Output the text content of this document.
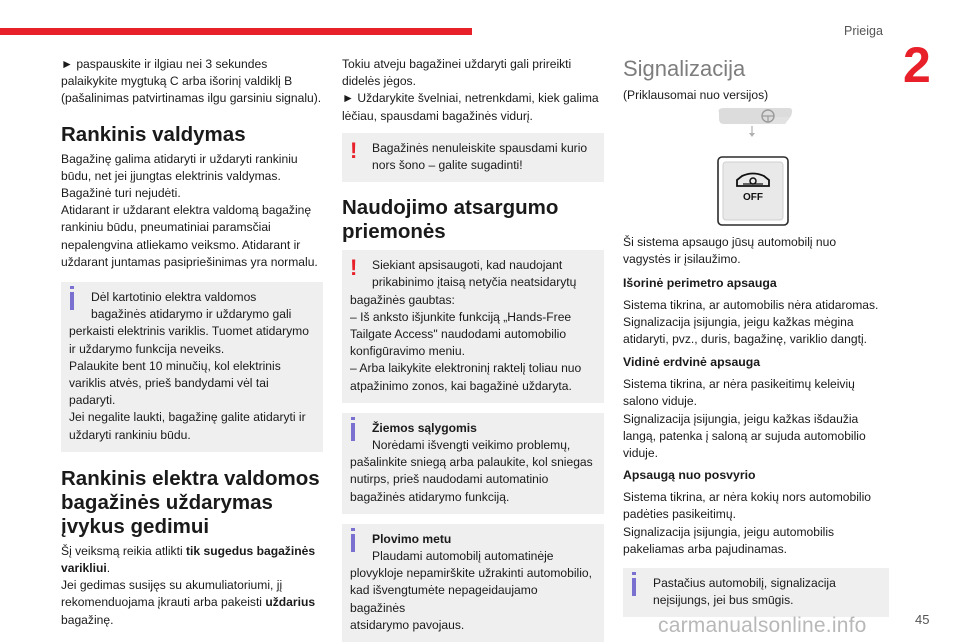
Prieiga
2

► paspauskite ir ilgiau nei 3 sekundes
palaikykite mygtuką C arba išorinį valdiklį B
(pašalinimas patvirtinamas ilgu garsiniu signalu).

Rankinis valdymas

Bagažinę galima atidaryti ir uždaryti rankiniu
būdu, net jei įjungtas elektrinis valdymas.
Bagažinė turi nejudėti.
Atidarant ir uždarant elektra valdomą bagažinę
rankiniu būdu, pneumatiniai paramsčiai
nepalengvina atliekamo veiksmo. Atidarant ir
uždarant juntamas pasipriešinimas yra normalu.

Dėl kartotinio elektra valdomos
bagažinės atidarymo ir uždarymo gali
perkaisti elektrinis variklis. Tuomet atidarymo
ir uždarymo funkcija neveiks.
Palaukite bent 10 minučių, kol elektrinis
variklis atvės, prieš bandydami vėl tai
padaryti.
Jei negalite laukti, bagažinę galite atidaryti ir
uždaryti rankiniu būdu.
Rankinis elektra valdomos
bagažinės uždarymas
įvykus gedimui

Šį veiksmą reikia atlikti tik sugedus bagažinės
varikliui.
Jei gedimas susijęs su akumuliatoriumi, jį
rekomenduojama įkrauti arba pakeisti uždarius
bagažinę.

Tokiu atveju bagažinei uždaryti gali prireikti
didelės jėgos.
► Uždarykite švelniai, netrenkdami, kiek galima
lėčiau, spausdami bagažinės vidurį.

!	Bagažinės nenuleiskite spausdami kurio
nors šono – galite sugadinti!
Naudojimo atsargumo
priemonės
!	Siekiant apsisaugoti, kad naudojant
prikabinimo įtaisą netyčia neatsidarytų
bagažinės gaubtas:
– Iš anksto išjunkite funkciją „Hands-Free
Tailgate Access" naudodami automobilio
konfigūravimo meniu.
– Arba laikykite elektroninį raktelį toliau nuo
atpažinimo zonos, kai bagažinė uždaryta.
Žiemos sąlygomis
Norėdami išvengti veikimo problemų,
pašalinkite sniegą arba palaukite, kol sniegas
nutirps, prieš naudodami automatinio
bagažinės atidarymo funkciją.
Plovimo metu
Plaudami automobilį automatinėje
plovykloje nepamirškite užrakinti automobilio,
kad išvengtumėte nepageidaujamo bagažinės
atsidarymo pavojaus.
Signalizacija

(Priklausomai nuo versijos)

OFF

Ši sistema apsaugo jūsų automobilį nuo
vagystės ir įsilaužimo.

Išorinė perimetro apsauga

Sistema tikrina, ar automobilis nėra atidaromas.
Signalizacija įsijungia, jeigu kažkas mėgina
atidaryti, pvz., duris, bagažinę, variklio dangtį.

Vidinė erdvinė apsauga

Sistema tikrina, ar nėra pasikeitimų keleivių
salono viduje.
Signalizacija įsijungia, jeigu kažkas išdaužia
langą, patenka į saloną ar sujuda automobilio
viduje.

Apsaugą nuo posvyrio

Sistema tikrina, ar nėra kokių nors automobilio
padėties pasikeitimų.
Signalizacija įsijungia, jeigu automobilis
pakeliamas arba pajudinamas.

Pastačius automobilį, signalizacija
neįsijungs, jei bus smūgis.
carmanualsonline.info	45
